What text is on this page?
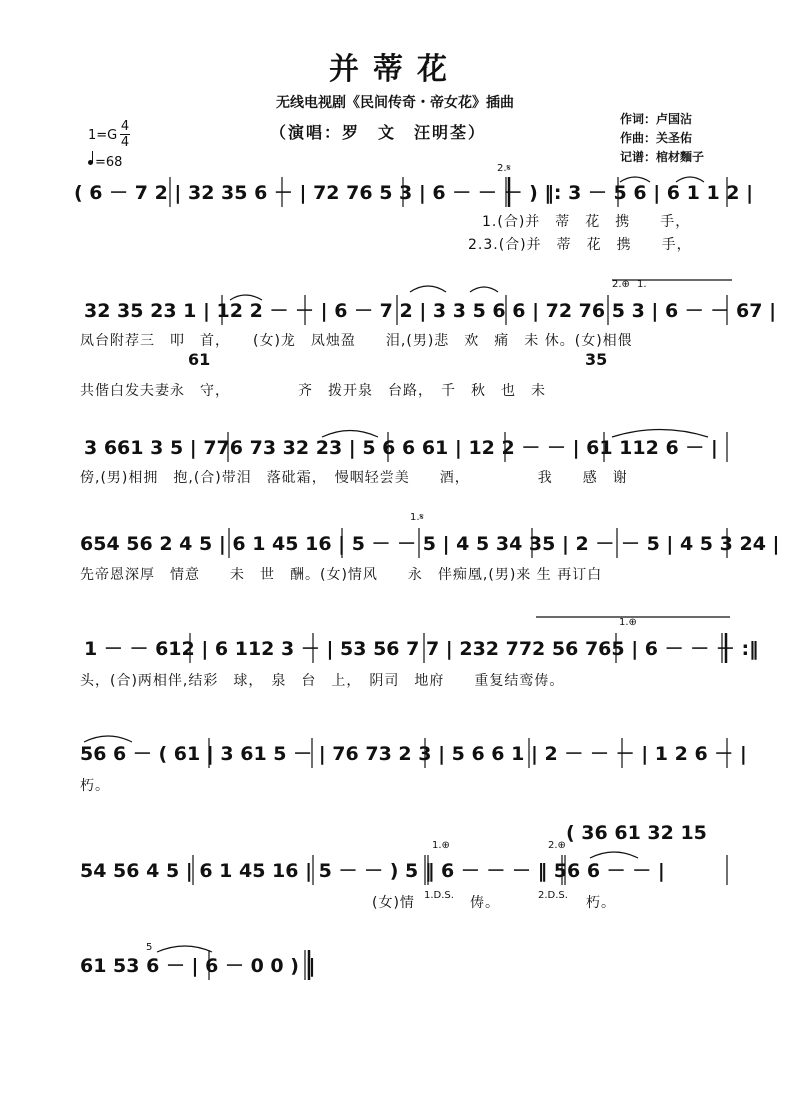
并蒂花
无线电视剧《民间传奇・帝女花》插曲
（演唱：罗　文　汪明荃）
作词：卢国沾
作曲：关圣佑
记谱：棺材麵子
1=G
4
4
=68
( 6 － 7 2 | 32 35 6 － | 72 76 5 3 | 6 － － － ) ‖: 3 － 5 6 | 6 1 1 2 |
2.𝄋
1.(合)并　蒂　花　携　　手，
2.3.(合)并　蒂　花　携　　手，
32 35 23 1 | 12 2 － － | 6 － 7 2 | 3 3 5 6 6 | 72 76 5 3 | 6 － － 67 |
2.⊕ 1.
凤台附荐三　叩　首，　　(女)龙　凤烛盈　　泪,(男)悲　欢　痛　未 休。(女)相偎
61	35
共偕白发夫妻永　守，　　　　　齐　拨开泉　台路，　千　秋　也　未
3 661 3 5 | 776 73 32 23 | 5 6 6 61 | 12 2 － － | 61 112 6 － |
傍,(男)相拥　抱,(合)带泪　落砒霜，　慢咽轻尝美　　酒，　　　　　我　　感　谢
1.𝄋
654 56 2 4 5 | 6 1 45 16 | 5 － － 5 | 4 5 34 35 | 2 － － 5 | 4 5 3 24 |
先帝恩深厚　情意　　未　世　酬。(女)情风　　永　伴痴凰,(男)来 生 再订白
1.⊕
1 － － 612 | 6 112 3 － | 53 56 7 7 | 232 772 56 765 | 6 － － － :‖
头，(合)两相伴,结彩　球，　泉　台　上，　阴司　地府　　重复结鸾俦。
56 6 － ( 61 | 3 61 5 － | 76 73 2 3 | 5 6 6 1 | 2 － － － | 1 2 6 － |
朽。
( 36 61 32 15
1.⊕	2.⊕
54 56 4 5 | 6 1 45 16 | 5 － － ) 5 ‖ 6 － － － ‖ 56 6 － － |
(女)情 1.D.S. 俦。	2.D.S. 朽。
5
61 53 6 － | 6 － 0 0 ) ‖
